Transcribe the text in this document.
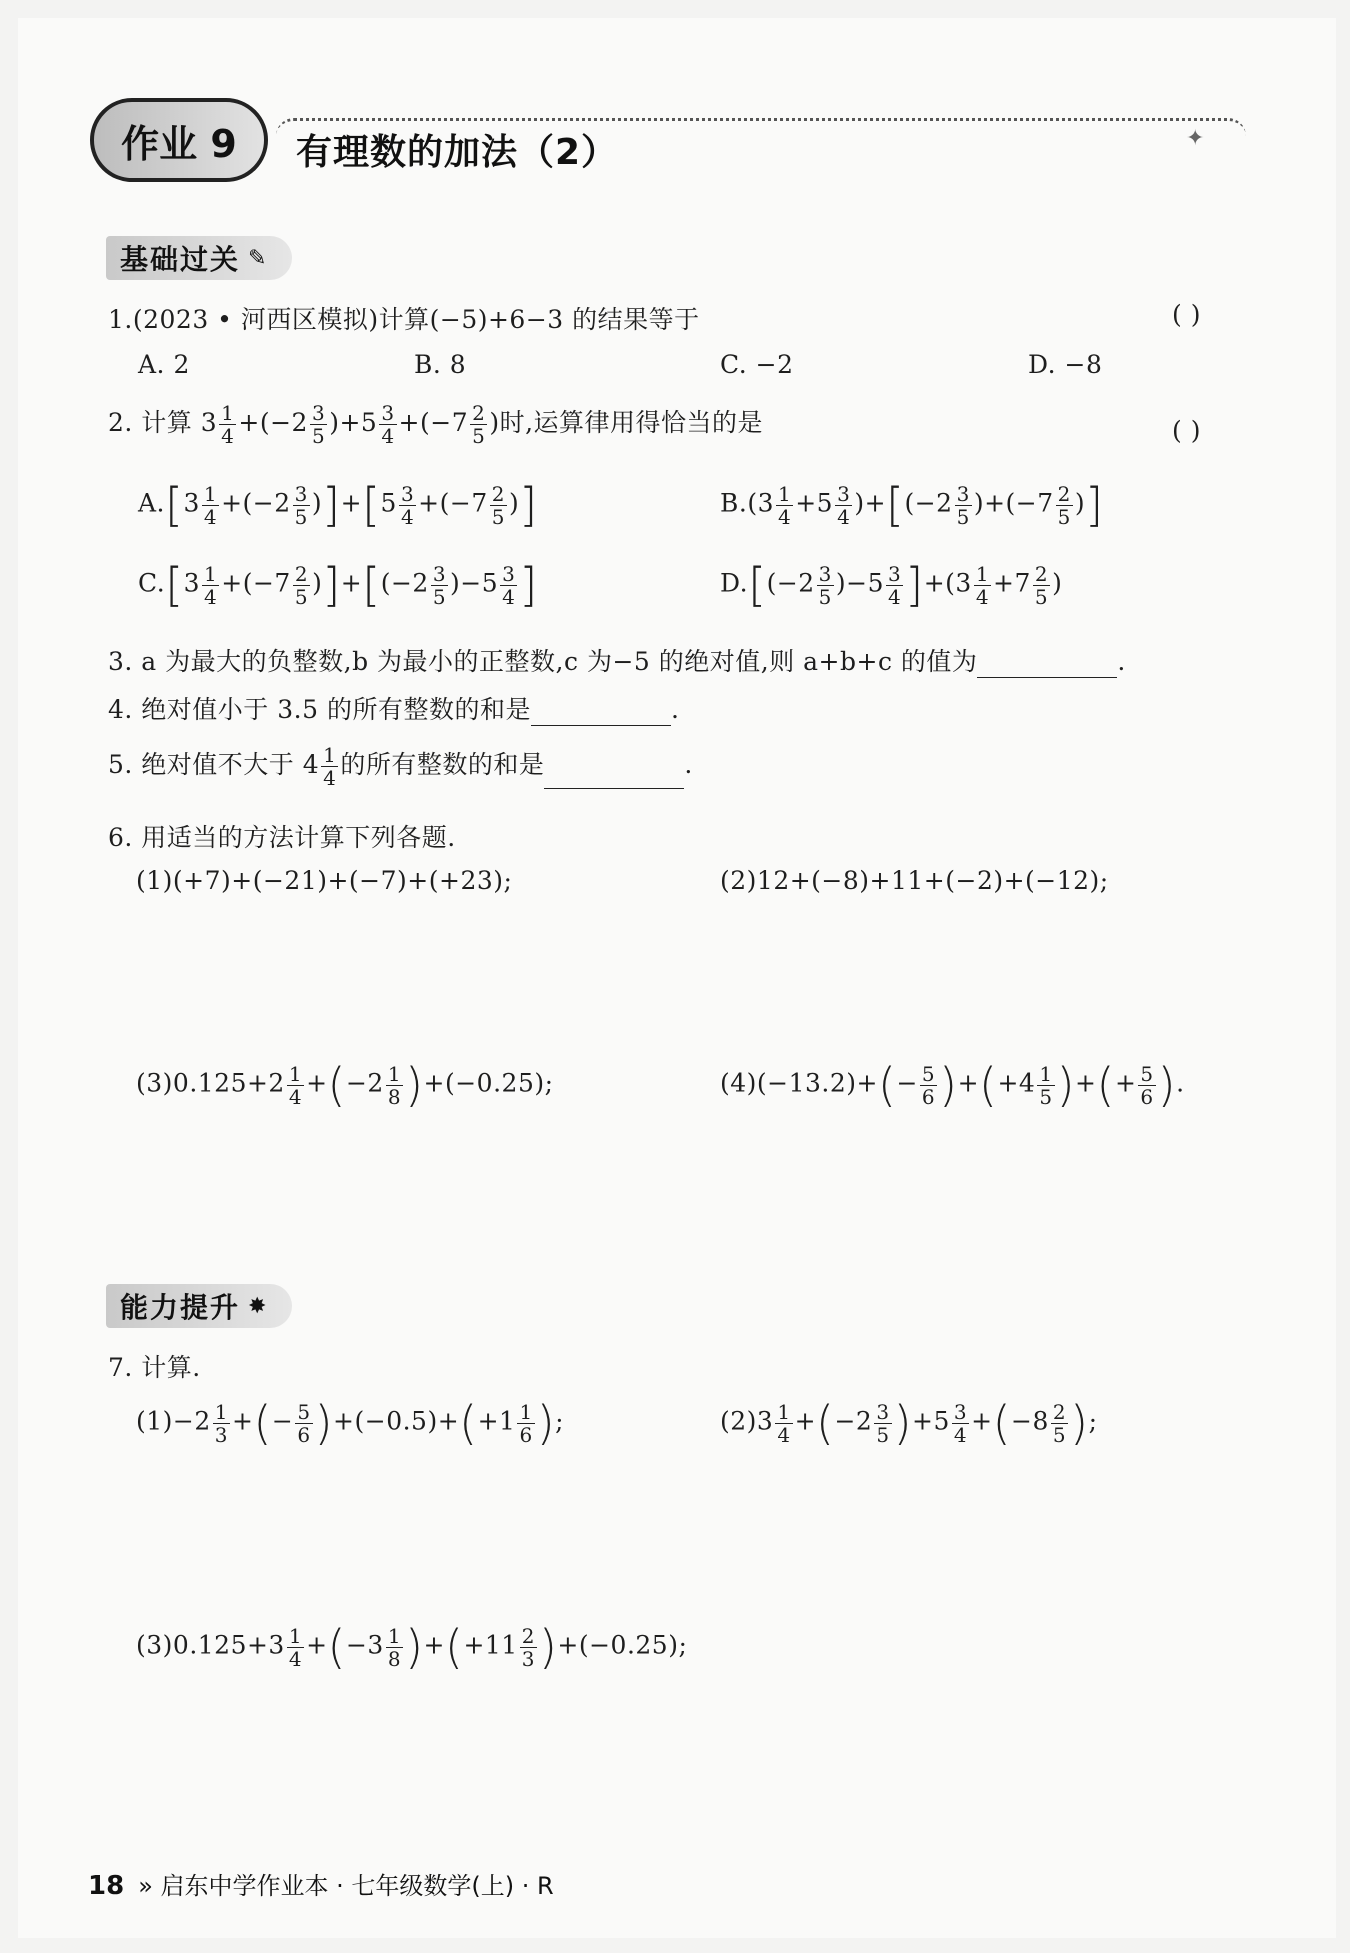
作业 9	有理数的加法（2）	✦
基础过关 ✎
1.(2023 • 河西区模拟)计算(−5)+6−3 的结果等于	( )
A. 2	B. 8	C. −2	D. −8
2. 计算 $3 \frac{1}{4} +(-2 \frac{3}{5} )+5 \frac{3}{4} +(-7 \frac{2}{5}$ )时,运算律用得恰当的是	( )
$A.[3 \frac{1}{4} +(-2 \frac{3}{5} )]+[5 \frac{3}{4} +(-7 \frac{2}{5}$ )]	$B.(3 \frac{1}{4} +5 \frac{3}{4} )+[(-2 \frac{3}{5} )+(-7 \frac{2}{5}$ )]
$C.[3 \frac{1}{4} +(-7 \frac{2}{5} )]+[(-2 \frac{3}{5} )-5 \frac{3}{4}$ ]	$D.[(-2 \frac{3}{5} )-5 \frac{3}{4} ]+(3 \frac{1}{4} +7 \frac{2}{5}$ )
3. a 为最大的负整数,b 为最小的正整数,c 为−5 的绝对值,则 a+b+c 的值为	.
4. 绝对值小于 3.5 的所有整数的和是	.
5. 绝对值不大于 $4 \frac{1}{4}$ 的所有整数的和是	.
6. 用适当的方法计算下列各题.
(1)(+7)+(−21)+(−7)+(+23);	(2)12+(−8)+11+(−2)+(−12);
$(3)0.125+2 \frac{1}{4} +(-2 \frac{1}{8} )+(-0.25)$;	$(4)(-13.2)+(- \frac{5}{6} )+(+4 \frac{1}{5}$ )+(+ $\frac{5}{6}$ ).
能力提升 ✸
7. 计算.
$(1)-2 \frac{1}{3}$ +(− $\frac{5}{6} )+(-0.5)+(+1 \frac{1}{6}$ );	$(2)3 \frac{1}{4} +(-2 \frac{3}{5} )+5 \frac{3}{4} +(-8 \frac{2}{5}$ );
$(3)0.125+3 \frac{1}{4} +(-3 \frac{1}{8} )+(+11 \frac{2}{3} )+(-0.25)$;
18 » 启东中学作业本 · 七年级数学(上) · R
